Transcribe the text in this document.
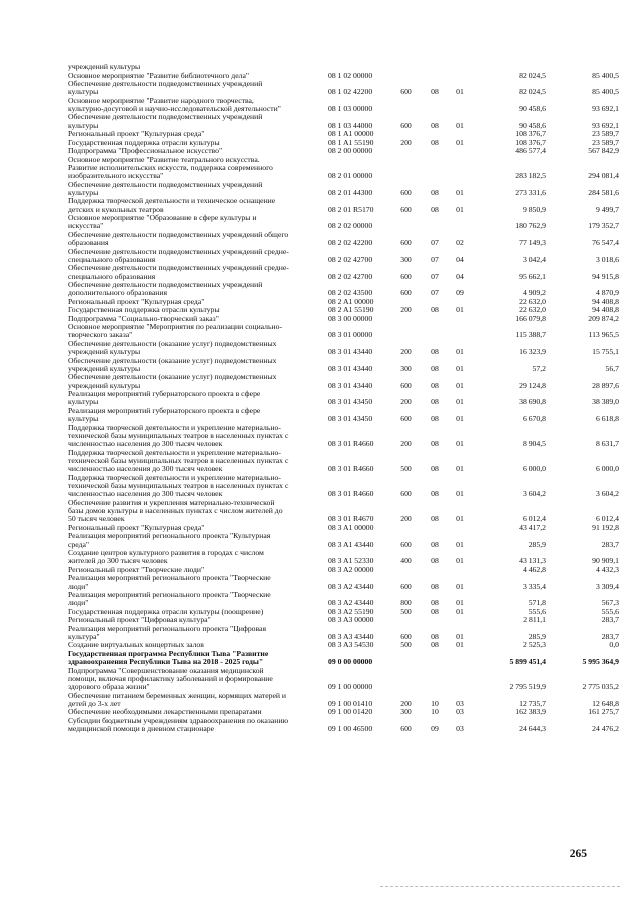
учреждений культуры
Основное мероприятие "Развитие библиотечного дела"	08 1 02 00000	82 024,5	85 400,5
Обеспечение деятельности подведомственных учреждений
культуры	08 1 02 42200	600	08	01	82 024,5	85 400,5
Основное мероприятие "Развитие народного творчества,
культурно-досуговой и научно-исследовательской деятельности"	08 1 03 00000	90 458,6	93 692,1
Обеспечение деятельности подведомственных учреждений
культуры	08 1 03 44000	600	08	01	90 458,6	93 692,1
Региональный проект "Культурная среда"	08 1 A1 00000	108 376,7	23 589,7
Государственная поддержка отрасли культуры	08 1 A1 55190	200	08	01	108 376,7	23 589,7
Подпрограмма "Профессиональное искусство"	08 2 00 00000	486 577,4	567 842,9
Основное мероприятие "Развитие театрального искусства.
Развитие исполнительских искусств, поддержка современного
изобразительного искусства"	08 2 01 00000	283 182,5	294 081,4
Обеспечение деятельности подведомственных учреждений
культуры	08 2 01 44300	600	08	01	273 331,6	284 581,6
Поддержка творческой деятельности и техническое оснащение
детских и кукольных театров	08 2 01 R5170	600	08	01	9 850,9	9 499,7
Основное мероприятие "Образование в сфере культуры и
искусства"	08 2 02 00000	180 762,9	179 352,7
Обеспечение деятельности подведомственных учреждений общего
образования	08 2 02 42200	600	07	02	77 149,3	76 547,4
Обеспечение деятельности подведомственных учреждений средне-
специального образования	08 2 02 42700	300	07	04	3 042,4	3 018,6
Обеспечение деятельности подведомственных учреждений средне-
специального образования	08 2 02 42700	600	07	04	95 662,1	94 915,8
Обеспечение деятельности подведомственных учреждений
дополнительного образования	08 2 02 43500	600	07	09	4 909,2	4 870,9
Региональный проект "Культурная среда"	08 2 A1 00000	22 632,0	94 408,8
Государственная поддержка отрасли культуры	08 2 A1 55190	200	08	01	22 632,0	94 408,8
Подпрограмма "Социально-творческий заказ"	08 3 00 00000	166 079,8	209 874,2
Основное мероприятие "Мероприятия по реализации социально-
творческого заказа"	08 3 01 00000	115 388,7	113 965,5
Обеспечение деятельности (оказание услуг) подведомственных
учреждений культуры	08 3 01 43440	200	08	01	16 323,9	15 755,1
Обеспечение деятельности (оказание услуг) подведомственных
учреждений культуры	08 3 01 43440	300	08	01	57,2	56,7
Обеспечение деятельности (оказание услуг) подведомственных
учреждений культуры	08 3 01 43440	600	08	01	29 124,8	28 897,6
Реализация мероприятий губернаторского проекта в сфере
культуры	08 3 01 43450	200	08	01	38 690,8	38 389,0
Реализация мероприятий губернаторского проекта в сфере
культуры	08 3 01 43450	600	08	01	6 670,8	6 618,8
Поддержка творческой деятельности и укрепление материально-
технической базы муниципальных театров в населенных пунктах с
численностью населения до 300 тысяч человек	08 3 01 R4660	200	08	01	8 904,5	8 631,7
Поддержка творческой деятельности и укрепление материально-
технической базы муниципальных театров в населенных пунктах с
численностью населения до 300 тысяч человек	08 3 01 R4660	500	08	01	6 000,0	6 000,0
Поддержка творческой деятельности и укрепление материально-
технической базы муниципальных театров в населенных пунктах с
численностью населения до 300 тысяч человек	08 3 01 R4660	600	08	01	3 604,2	3 604,2
Обеспечение развития и укрепления материально-технической
базы домов культуры в населенных пунктах с числом жителей до
50 тысяч человек	08 3 01 R4670	200	08	01	6 012,4	6 012,4
Региональный проект "Культурная среда"	08 3 A1 00000	43 417,2	91 192,8
Реализация мероприятий регионального проекта "Культурная
среда"	08 3 A1 43440	600	08	01	285,9	283,7
Создание центров культурного развития в городах с числом
жителей до 300 тысяч человек	08 3 A1 52330	400	08	01	43 131,3	90 909,1
Региональный проект "Творческие люди"	08 3 A2 00000	4 462,8	4 432,3
Реализация мероприятий регионального проекта "Творческие
люди"	08 3 A2 43440	600	08	01	3 335,4	3 309,4
Реализация мероприятий регионального проекта "Творческие
люди"	08 3 A2 43440	800	08	01	571,8	567,3
Государственная поддержка отрасли культуры (поощрение)	08 3 A2 55190	500	08	01	555,6	555,6
Региональный проект "Цифровая культура"	08 3 A3 00000	2 811,1	283,7
Реализация мероприятий регионального проекта "Цифровая
культура"	08 3 A3 43440	600	08	01	285,9	283,7
Создание виртуальных концертных залов	08 3 A3 54530	500	08	01	2 525,3	0,0
Государственная программа Республики Тыва "Развитие
здравоохранения Республики Тыва на 2018 - 2025 годы"	09 0 00 00000	5 899 451,4	5 995 364,9
Подпрограмма "Совершенствование оказания медицинской
помощи, включая профилактику заболеваний и формирование
здорового образа жизни"	09 1 00 00000	2 795 519,9	2 775 035,2
Обеспечение питанием беременных женщин, кормящих матерей и
детей до 3-х лет	09 1 00 01410	200	10	03	12 735,7	12 648,8
Обеспечение необходимыми лекарственными препаратами	09 1 00 01420	300	10	03	162 383,9	161 275,7
Субсидии бюджетным учреждениям здравоохранения по оказанию
медицинской помощи в дневном стационаре	09 1 00 46500	600	09	03	24 644,3	24 476,2
265
